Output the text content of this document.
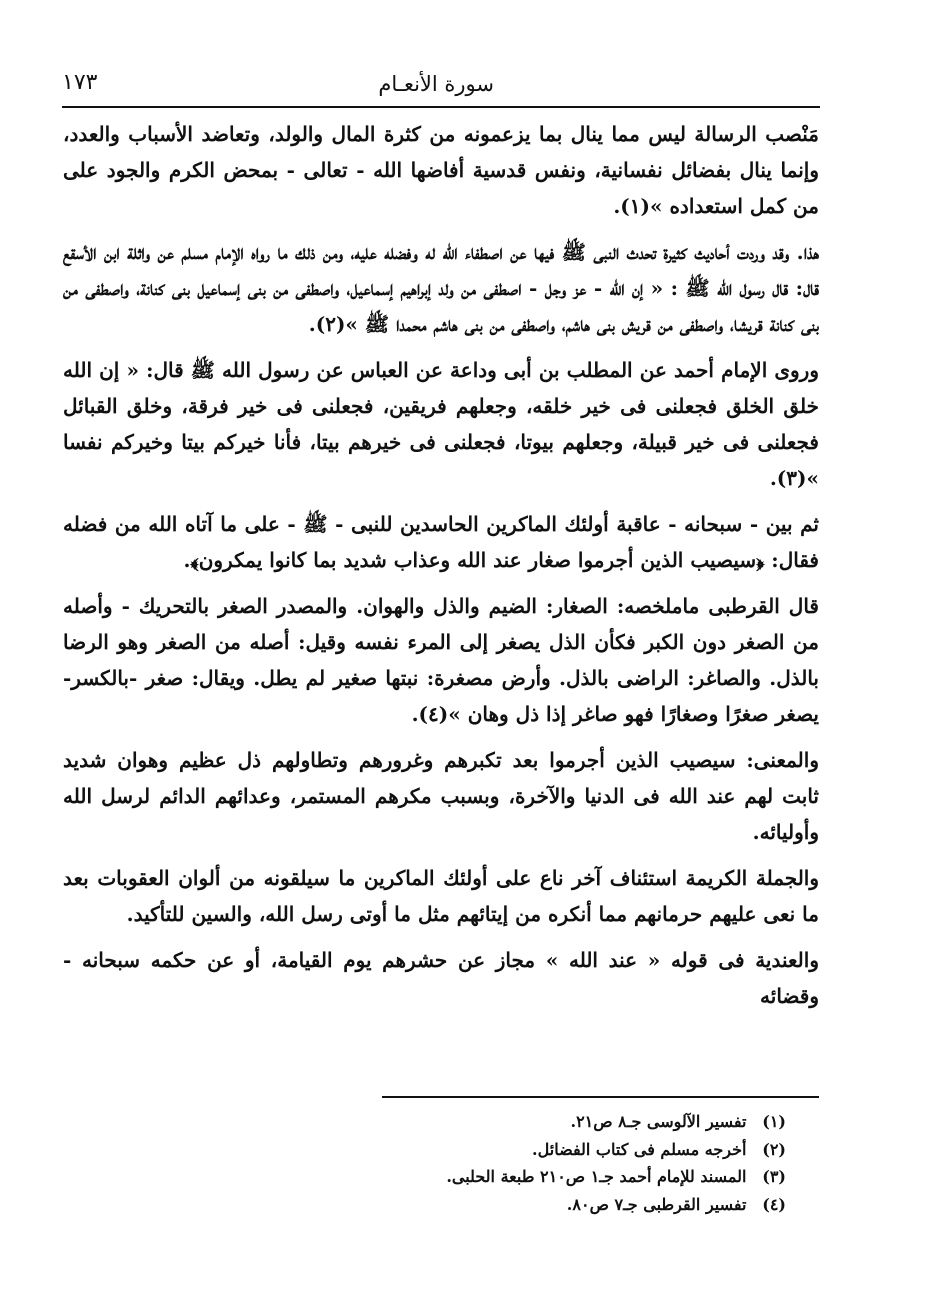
سورة الأنعـام
١٧٣

مَنْصب الرسالة ليس مما ينال بما يزعمونه من كثرة المال والولد، وتعاضد الأسباب والعدد، وإنما ينال بفضائل نفسانية، ونفس قدسية أفاضها الله - تعالى - بمحض الكرم والجود على من كمل استعداده »(١).

هذا. وقد وردت أحاديث كثيرة تحدث النبى ﷺ فيها عن اصطفاء الله له وفضله عليه، ومن ذلك ما رواه الإمام مسلم عن واثلة ابن الأسقع قال: قال رسول الله ﷺ : « إن الله - عز وجل - اصطفى من ولد إبراهيم إسماعيل، واصطفى من بنى إسماعيل بنى كنانة، واصطفى من بنى كنانة قريشا، واصطفى من قريش بنى هاشم، واصطفى من بنى هاشم محمدا ﷺ »(٢).

وروى الإمام أحمد عن المطلب بن أبى وداعة عن العباس عن رسول الله ﷺ قال: « إن الله خلق الخلق فجعلنى فى خير خلقه، وجعلهم فريقين، فجعلنى فى خير فرقة، وخلق القبائل فجعلنى فى خير قبيلة، وجعلهم بيوتا، فجعلنى فى خيرهم بيتا، فأنا خيركم بيتا وخيركم نفسا »(٣).

ثم بين - سبحانه - عاقبة أولئك الماكرين الحاسدين للنبى - ﷺ - على ما آتاه الله من فضله فقال: ﴿سيصيب الذين أجرموا صغار عند الله وعذاب شديد بما كانوا يمكرون﴾.

قال القرطبى ماملخصه: الصغار: الضيم والذل والهوان. والمصدر الصغر بالتحريك - وأصله من الصغر دون الكبر فكأن الذل يصغر إلى المرء نفسه وقيل: أصله من الصغر وهو الرضا بالذل. والصاغر: الراضى بالذل. وأرض مصغرة: نبتها صغير لم يطل. ويقال: صغر -بالكسر- يصغر صغرًا وصغارًا فهو صاغر إذا ذل وهان »(٤).

والمعنى: سيصيب الذين أجرموا بعد تكبرهم وغرورهم وتطاولهم ذل عظيم وهوان شديد ثابت لهم عند الله فى الدنيا والآخرة، وبسبب مكرهم المستمر، وعدائهم الدائم لرسل الله وأوليائه.

والجملة الكريمة استئناف آخر ناع على أولئك الماكرين ما سيلقونه من ألوان العقوبات بعد ما نعى عليهم حرمانهم مما أنكره من إيتائهم مثل ما أوتى رسل الله، والسين للتأكيد.

والعندية فى قوله « عند الله » مجاز عن حشرهم يوم القيامة، أو عن حكمه سبحانه - وقضائه

(١) تفسير الآلوسى جـ٨ ص٢١.

(٢) أخرجه مسلم فى كتاب الفضائل.

(٣) المسند للإمام أحمد جـ١ ص٢١٠ طبعة الحلبى.

(٤) تفسير القرطبى جـ٧ ص٨٠.
